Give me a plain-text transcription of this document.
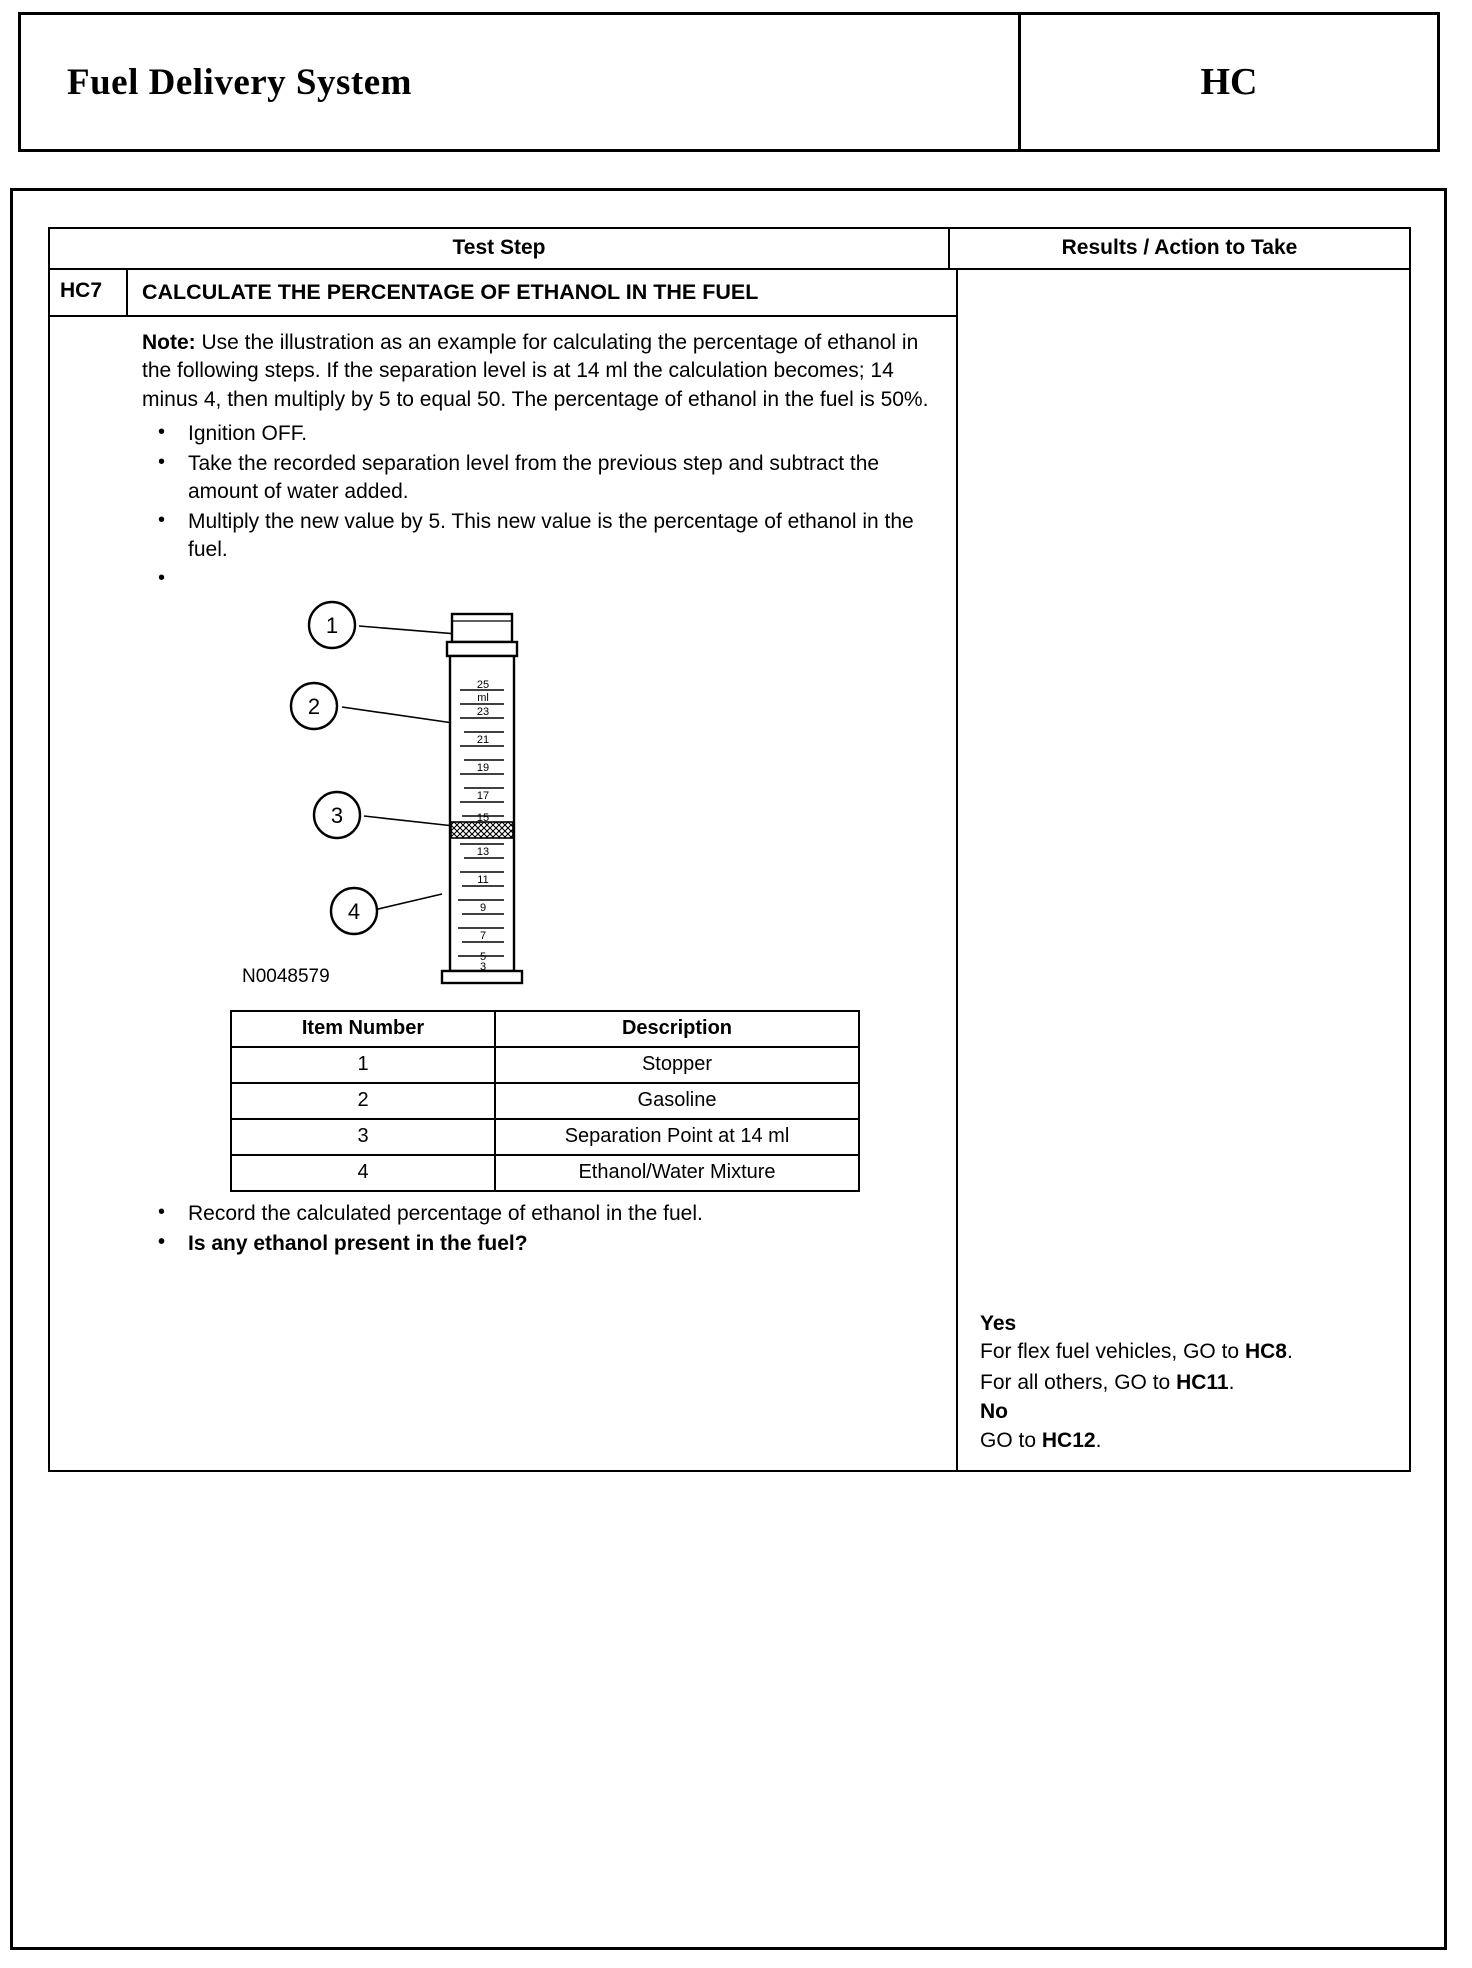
Fuel Delivery System	HC
Test Step	Results / Action to Take
HC7	CALCULATE THE PERCENTAGE OF ETHANOL IN THE FUEL

Note: Use the illustration as an example for calculating the percentage of ethanol in the following steps. If the separation level is at 14 ml the calculation becomes; 14 minus 4, then multiply by 5 to equal 50. The percentage of ethanol in the fuel is 50%.

• Ignition OFF.
• Take the recorded separation level from the previous step and subtract the amount of water added.
• Multiply the new value by 5. This new value is the percentage of ethanol in the fuel.
•
1
2
3
4
25
ml
23
21
19
17
15
13
11
9
7
5
3
N0048579
Item Number	Description
1	Stopper
2	Gasoline
3	Separation Point at 14 ml
4	Ethanol/Water Mixture
• Record the calculated percentage of ethanol in the fuel.
• Is any ethanol present in the fuel?
Yes
For flex fuel vehicles, GO to HC8.
For all others, GO to HC11.
No
GO to HC12.
